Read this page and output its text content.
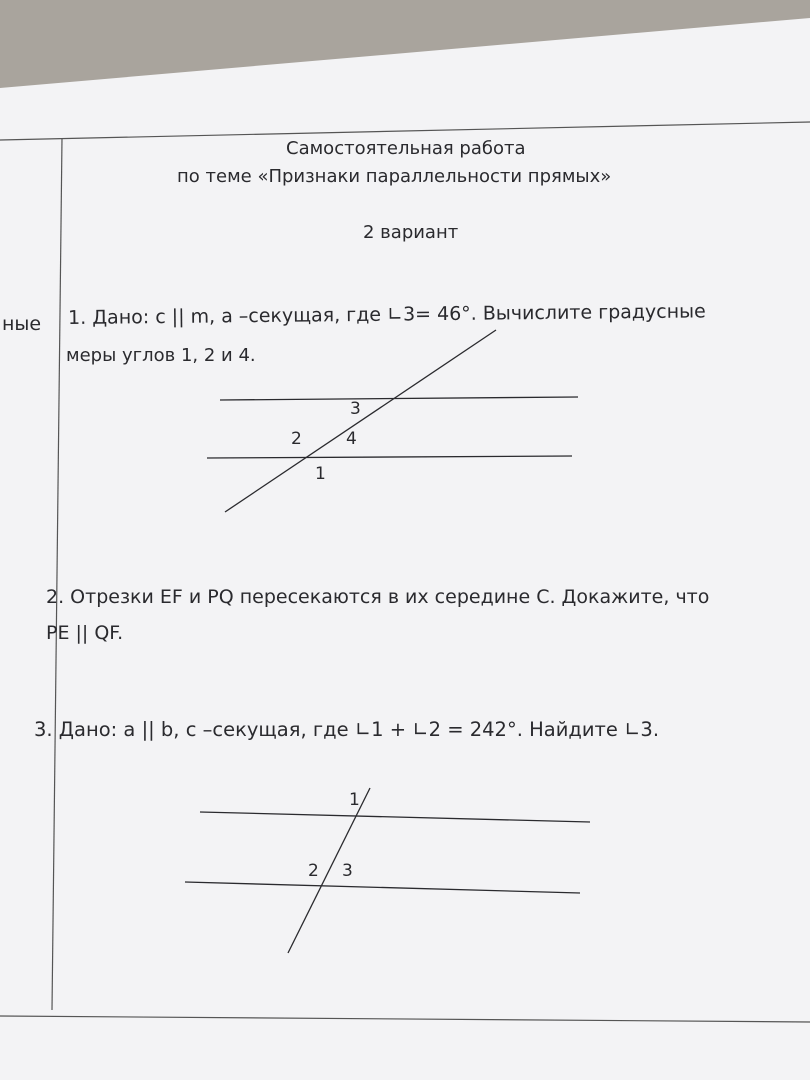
Самостоятельная работа
по теме «Признаки параллельности прямых»
2 вариант
ные 1. Дано: c || m, a –секущая, где ∟3= 46°. Вычислите градусные
меры углов 1, 2 и 4.
3
2	4
1
2. Отрезки EF и PQ пересекаются в их середине C. Докажите, что
PE || QF.
3. Дано: a || b, c –секущая, где ∟1 + ∟2 = 242°. Найдите ∟3.
1
2 3
